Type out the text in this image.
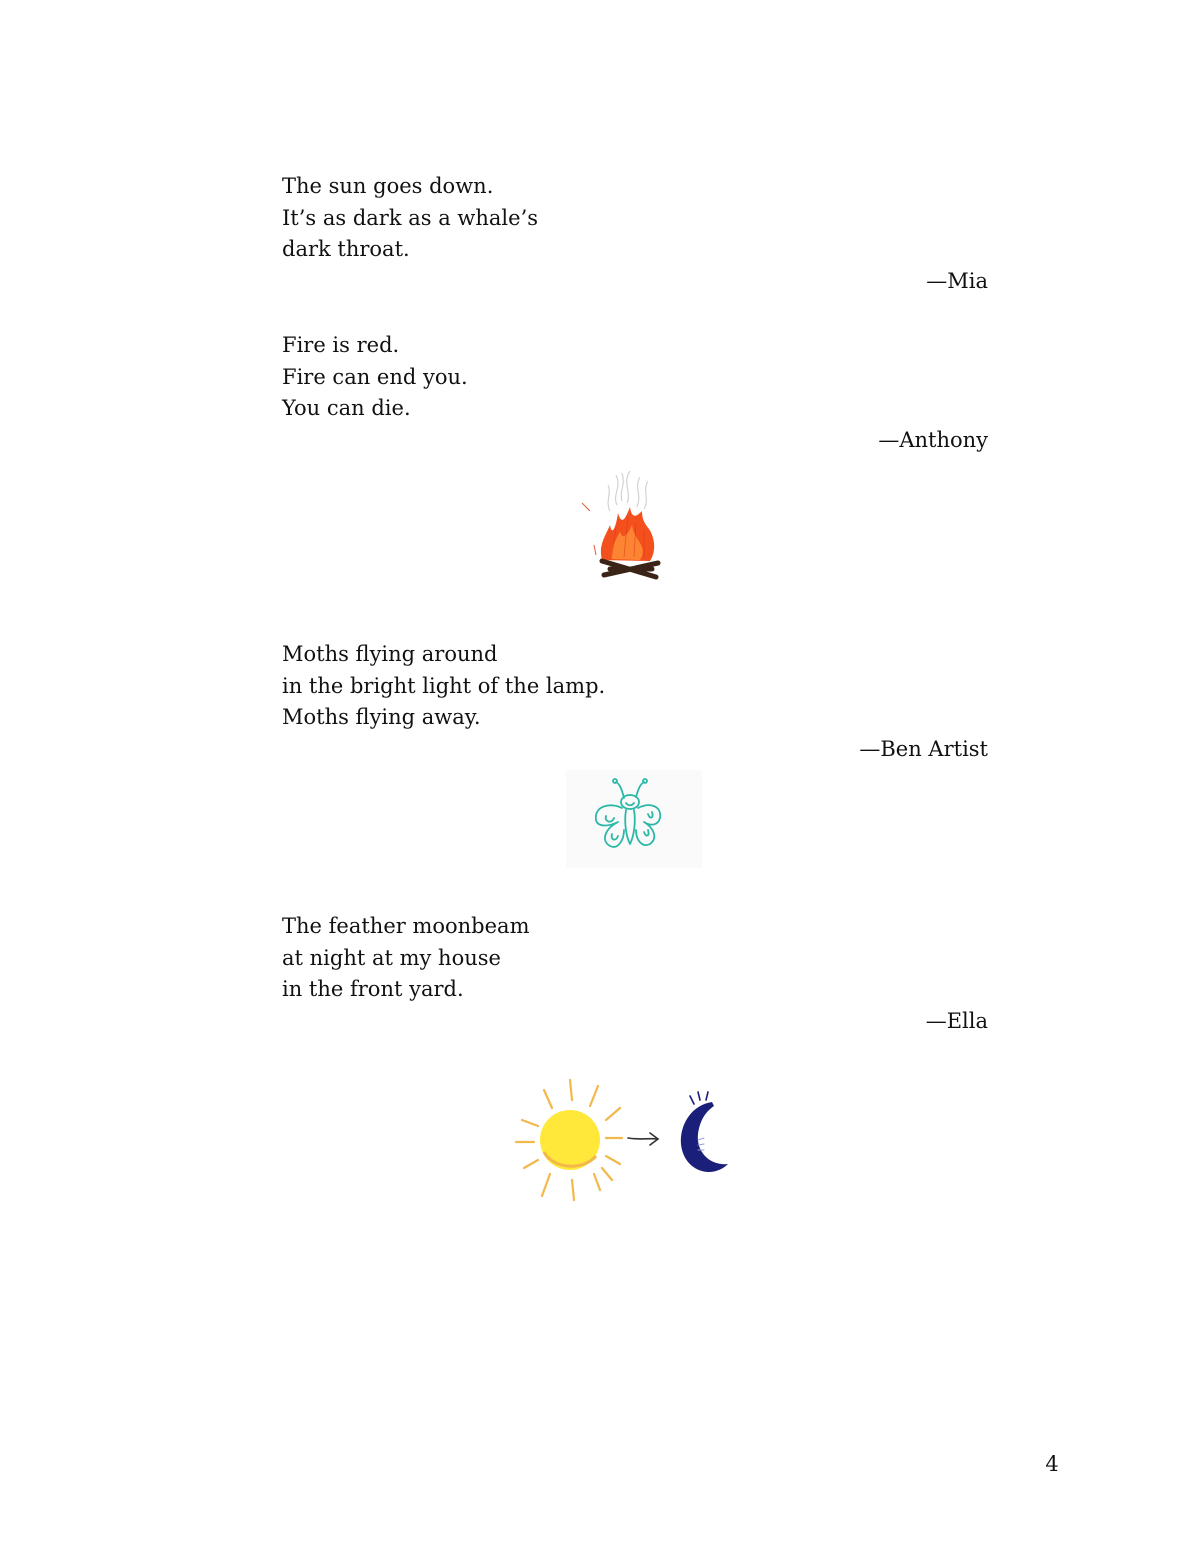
The sun goes down.
It’s as dark as a whale’s
dark throat.
—Mia
Fire is red.
Fire can end you.
You can die.
—Anthony
Moths flying around
in the bright light of the lamp.
Moths flying away.
—Ben Artist
The feather moonbeam
at night at my house
in the front yard.
—Ella
4
